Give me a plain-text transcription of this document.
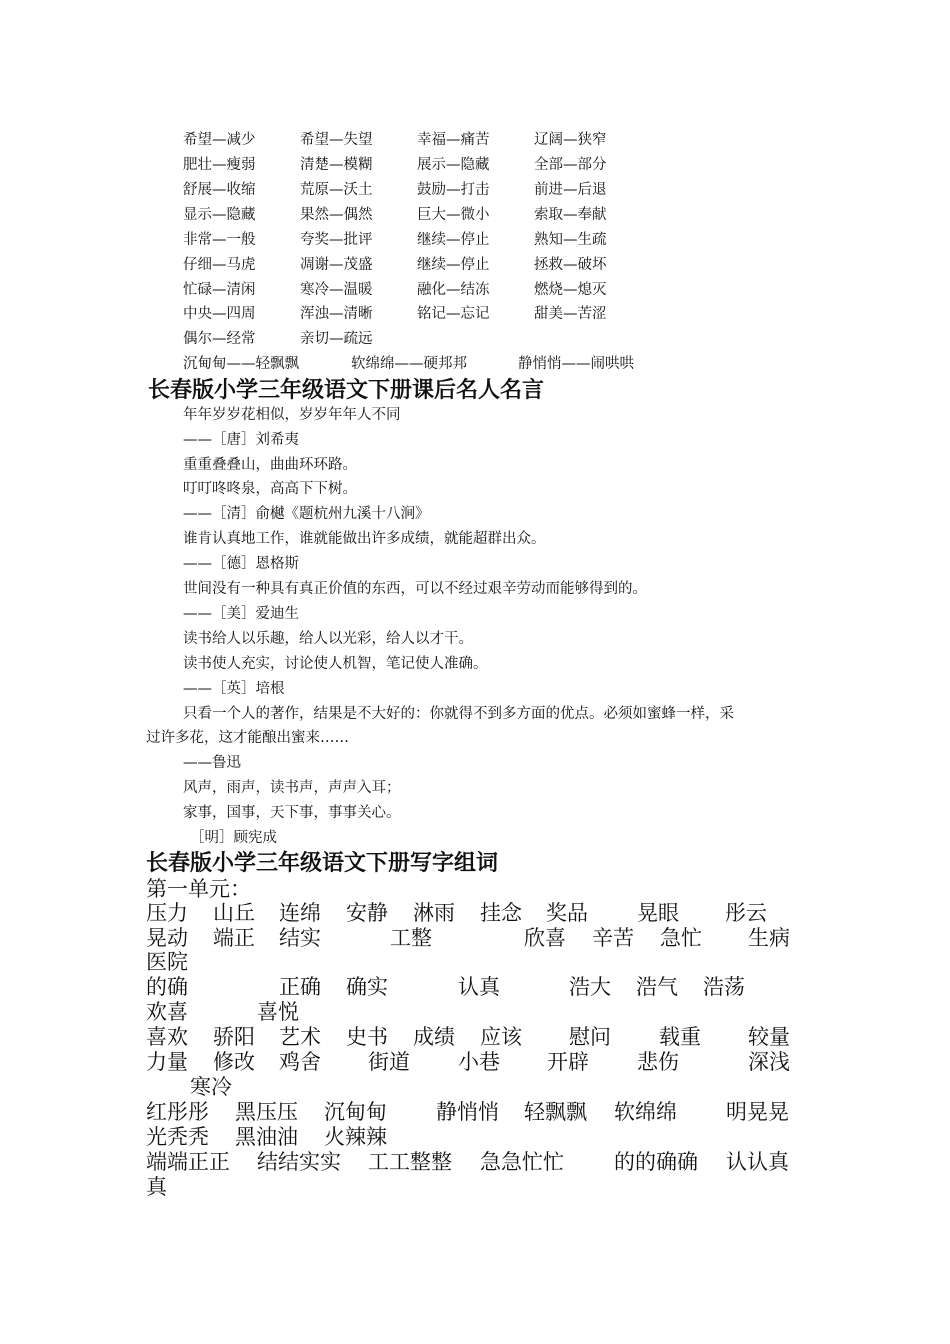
希望—减少	希望—失望	幸福—痛苦	辽阔—狭窄
肥壮—瘦弱	清楚—模糊	展示—隐藏	全部—部分
舒展—收缩	荒原—沃土	鼓励—打击	前进—后退
显示—隐藏	果然—偶然	巨大—微小	索取—奉献
非常—一般	夸奖—批评	继续—停止	熟知—生疏
仔细—马虎	凋谢—茂盛	继续—停止	拯救—破坏
忙碌—清闲	寒冷—温暖	融化—结冻	燃烧—熄灭
中央—四周	浑浊—清晰	铭记—忘记	甜美—苦涩
偶尔—经常	亲切—疏远
沉甸甸——轻飘飘	软绵绵——硬邦邦	静悄悄——闹哄哄
长春版小学三年级语文下册课后名人名言
年年岁岁花相似，岁岁年年人不同
——［唐］刘希夷
重重叠叠山，曲曲环环路。
叮叮咚咚泉，高高下下树。
——［清］俞樾《题杭州九溪十八涧》
谁肯认真地工作，谁就能做出许多成绩，就能超群出众。
——［德］恩格斯
世间没有一种具有真正价值的东西，可以不经过艰辛劳动而能够得到的。
——［美］爱迪生
读书给人以乐趣，给人以光彩，给人以才干。
读书使人充实，讨论使人机智，笔记使人准确。
——［英］培根
只看一个人的著作，结果是不大好的：你就得不到多方面的优点。必须如蜜蜂一样，采
过许多花，这才能酿出蜜来……
——鲁迅
风声，雨声，读书声，声声入耳；
家事，国事，天下事，事事关心。
［明］顾宪成
长春版小学三年级语文下册写字组词
第一单元：
压力 山丘 连绵 安静 淋雨 挂念 奖品 晃眼 彤云
晃动 端正 结实	工整	欣喜 辛苦 急忙 生病
医院
的确	正确 确实	认真	浩大 浩气 浩荡
欢喜	喜悦
喜欢 骄阳 艺术 史书 成绩 应该 慰问 载重 较量
力量 修改 鸡舍 街道 小巷 开辟 悲伤	深浅
寒冷
红彤彤 黑压压 沉甸甸 静悄悄 轻飘飘 软绵绵 明晃晃
光秃秃 黑油油 火辣辣
端端正正 结结实实 工工整整 急急忙忙 的的确确 认认真
真
